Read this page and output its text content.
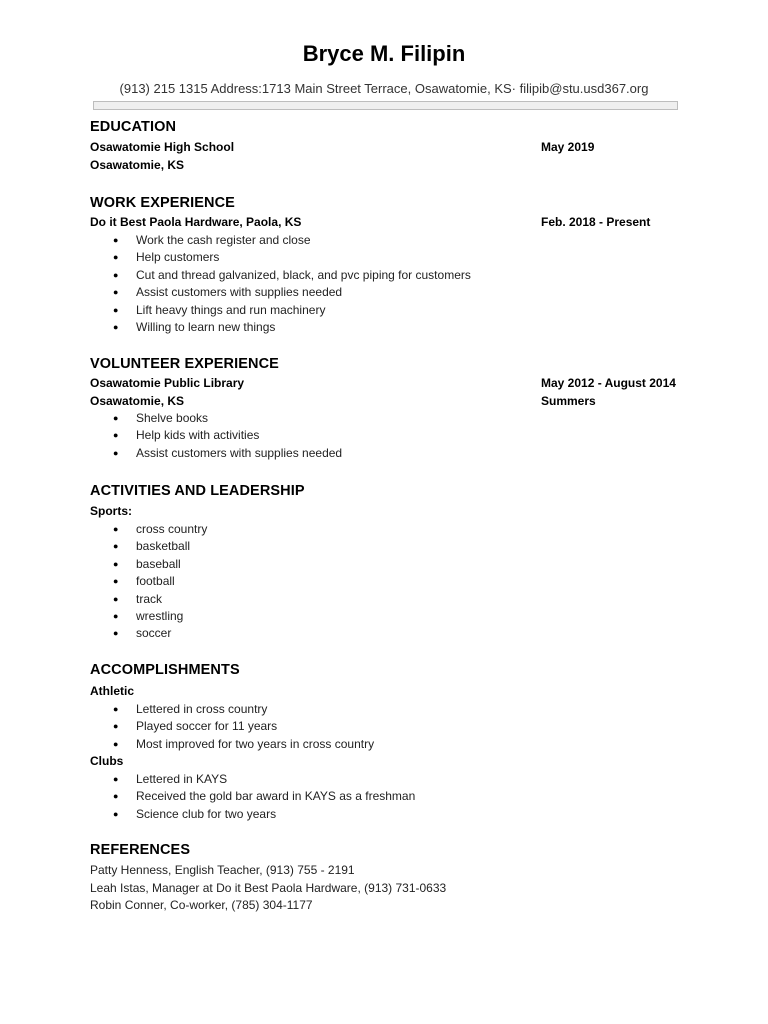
Bryce M. Filipin
(913) 215 1315 Address:1713 Main Street Terrace, Osawatomie, KS· filipib@stu.usd367.org
EDUCATION
Osawatomie High School	May 2019
Osawatomie, KS
WORK EXPERIENCE
Do it Best Paola Hardware, Paola, KS	Feb. 2018 - Present
● Work the cash register and close
● Help customers
● Cut and thread galvanized, black, and pvc piping for customers
● Assist customers with supplies needed
● Lift heavy things and run machinery
● Willing to learn new things
VOLUNTEER EXPERIENCE
Osawatomie Public Library	May 2012 - August 2014
Osawatomie, KS	Summers
● Shelve books
● Help kids with activities
● Assist customers with supplies needed
ACTIVITIES AND LEADERSHIP
Sports:
● cross country
● basketball
● baseball
● football
● track
● wrestling
● soccer
ACCOMPLISHMENTS
Athletic
● Lettered in cross country
● Played soccer for 11 years
● Most improved for two years in cross country
Clubs
● Lettered in KAYS
● Received the gold bar award in KAYS as a freshman
● Science club for two years
REFERENCES
Patty Henness, English Teacher, (913) 755 - 2191
Leah Istas, Manager at Do it Best Paola Hardware, (913) 731-0633
Robin Conner, Co-worker, (785) 304-1177
